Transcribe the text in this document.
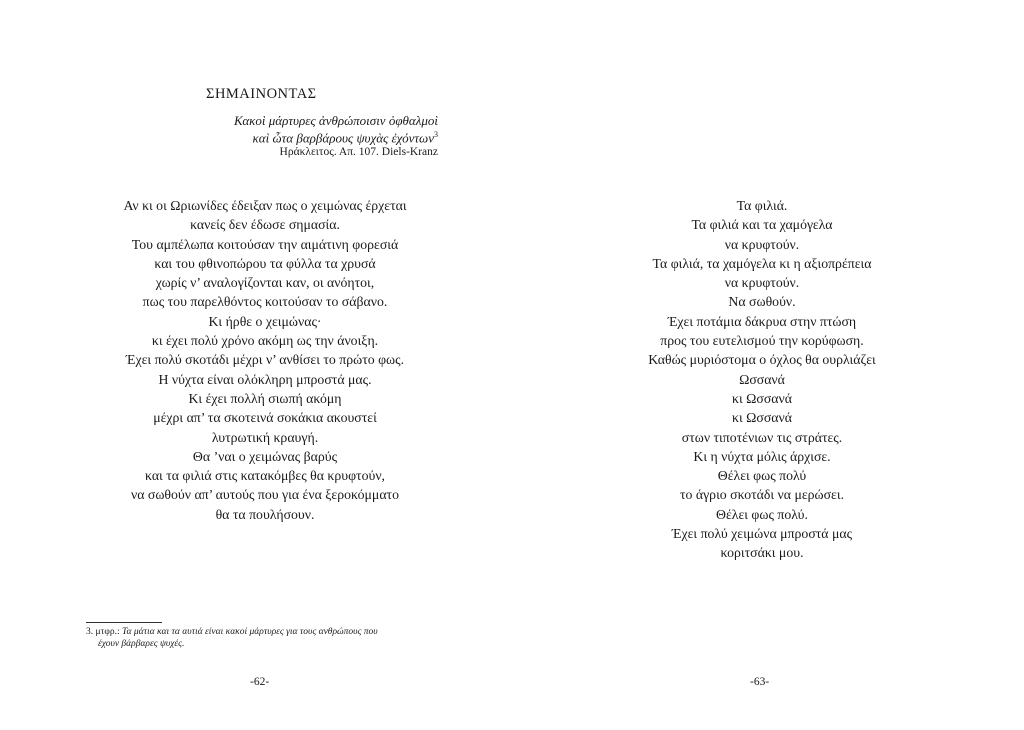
ΣΗΜΑΙΝΟΝΤΑΣ
Κακοὶ μάρτυρες ἀνθρώποισιν ὀφθαλμοὶ
καὶ ὦτα βαρβάρους ψυχὰς ἐχόντων$^3$
Ηράκλειτος. Απ. 107. Diels-Kranz
Αν κι οι Ωριωνίδες έδειξαν πως ο χειμώνας έρχεται
κανείς δεν έδωσε σημασία.
Του αμπέλωπα κοιτούσαν την αιμάτινη φορεσιά
και του φθινοπώρου τα φύλλα τα χρυσά
χωρίς ν’ αναλογίζονται καν, οι ανόητοι,
πως του παρελθόντος κοιτούσαν το σάβανο.
Κι ήρθε ο χειμώνας·
κι έχει πολύ χρόνο ακόμη ως την άνοιξη.
Έχει πολύ σκοτάδι μέχρι ν’ ανθίσει το πρώτο φως.
Η νύχτα είναι ολόκληρη μπροστά μας.
Κι έχει πολλή σιωπή ακόμη
μέχρι απ’ τα σκοτεινά σοκάκια ακουστεί
λυτρωτική κραυγή.
Θα ’ναι ο χειμώνας βαρύς
και τα φιλιά στις κατακόμβες θα κρυφτούν,
να σωθούν απ’ αυτούς που για ένα ξεροκόμματο
θα τα πουλήσουν.
3. μτφρ.: Τα μάτια και τα αυτιά είναι κακοί μάρτυρες για τους ανθρώπους που
έχουν βάρβαρες ψυχές.
-62-
Τα φιλιά.
Τα φιλιά και τα χαμόγελα
να κρυφτούν.
Τα φιλιά, τα χαμόγελα κι η αξιοπρέπεια
να κρυφτούν.
Να σωθούν.
Έχει ποτάμια δάκρυα στην πτώση
προς του ευτελισμού την κορύφωση.
Καθώς μυριόστομα ο όχλος θα ουρλιάζει
Ωσσανά
κι Ωσσανά
κι Ωσσανά
στων τιποτένιων τις στράτες.
Κι η νύχτα μόλις άρχισε.
Θέλει φως πολύ
το άγριο σκοτάδι να μερώσει.
Θέλει φως πολύ.
Έχει πολύ χειμώνα μπροστά μας
κοριτσάκι μου.
-63-
